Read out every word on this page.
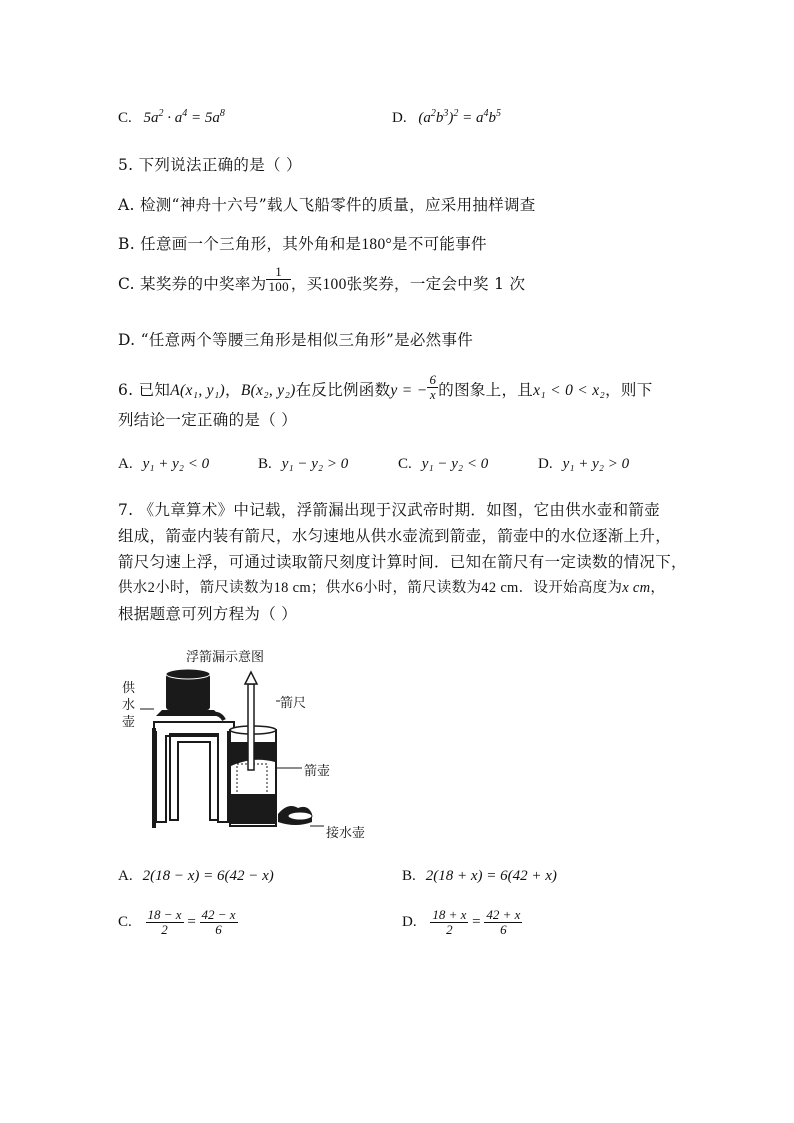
C. $5a^2 \cdot a^4 = 5a^8$	D. $(a^2b^3)^2 = a^4b^5$
5. 下列说法正确的是（ ）
A. 检测“神舟十六号”载人飞船零件的质量，应采用抽样调查
B. 任意画一个三角形，其外角和是180°是不可能事件
C. 某奖券的中奖率为 $\frac{1}{100}$ ，买100张奖券，一定会中奖 1 次
D. “任意两个等腰三角形是相似三角形”是必然事件
6. 已知A(x₁, y₁)，B(x₂, y₂)在反比例函数y = − $\frac{6}{x}$ 的图象上，且x₁ < 0 < x₂，则下
列结论一定正确的是（ ）
A. y₁ + y₂ < 0	B. y₁ − y₂ > 0	C. y₁ − y₂ < 0	D. y₁ + y₂ > 0
7. 《九章算术》中记载，浮箭漏出现于汉武帝时期．如图，它由供水壶和箭壶
组成，箭壶内装有箭尺，水匀速地从供水壶流到箭壶，箭壶中的水位逐渐上升，
箭尺匀速上浮，可通过读取箭尺刻度计算时间．已知在箭尺有一定读数的情况下，
供水2小时，箭尺读数为18 cm；供水6小时，箭尺读数为42 cm．设开始高度为x cm，
根据题意可列方程为（ ）
浮箭漏示意图
供
水
壶
箭尺
箭壶
接水壶
A. 2(18 − x) = 6(42 − x)	B. 2(18 + x) = 6(42 + x)
C. $\frac{18 - x}{2} = \frac{42 - x}{6}$	D. $\frac{18 + x}{2} = \frac{42 + x}{6}$
